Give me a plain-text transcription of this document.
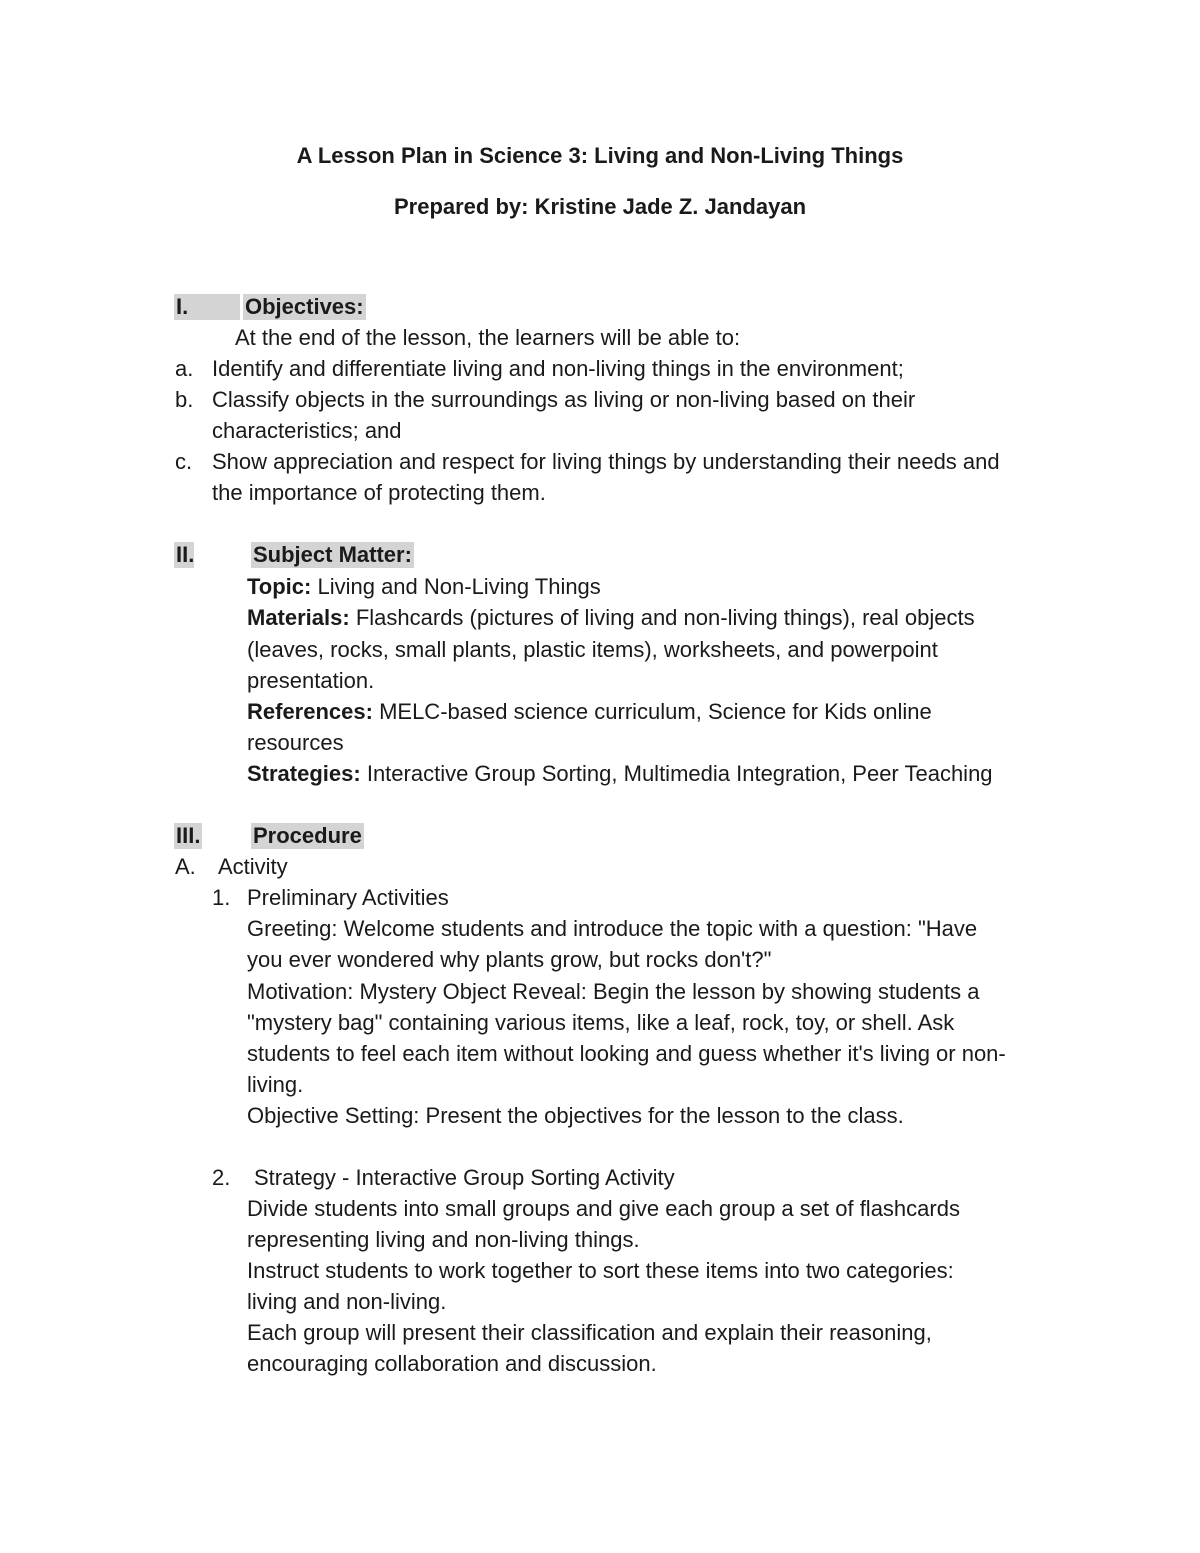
A Lesson Plan in Science 3: Living and Non-Living Things
Prepared by: Kristine Jade Z. Jandayan
I.	Objectives:
At the end of the lesson, the learners will be able to:
a. Identify and differentiate living and non-living things in the environment;
b. Classify objects in the surroundings as living or non-living based on their
characteristics; and
c. Show appreciation and respect for living things by understanding their needs and
the importance of protecting them.
II.	Subject Matter:
Topic: Living and Non-Living Things
Materials: Flashcards (pictures of living and non-living things), real objects
(leaves, rocks, small plants, plastic items), worksheets, and powerpoint
presentation.
References: MELC-based science curriculum, Science for Kids online
resources
Strategies: Interactive Group Sorting, Multimedia Integration, Peer Teaching
III. Procedure
A. Activity
1. Preliminary Activities
Greeting: Welcome students and introduce the topic with a question: "Have
you ever wondered why plants grow, but rocks don't?"
Motivation: Mystery Object Reveal: Begin the lesson by showing students a
"mystery bag" containing various items, like a leaf, rock, toy, or shell. Ask
students to feel each item without looking and guess whether it's living or non-
living.
Objective Setting: Present the objectives for the lesson to the class.
2. Strategy - Interactive Group Sorting Activity
Divide students into small groups and give each group a set of flashcards
representing living and non-living things.
Instruct students to work together to sort these items into two categories:
living and non-living.
Each group will present their classification and explain their reasoning,
encouraging collaboration and discussion.
